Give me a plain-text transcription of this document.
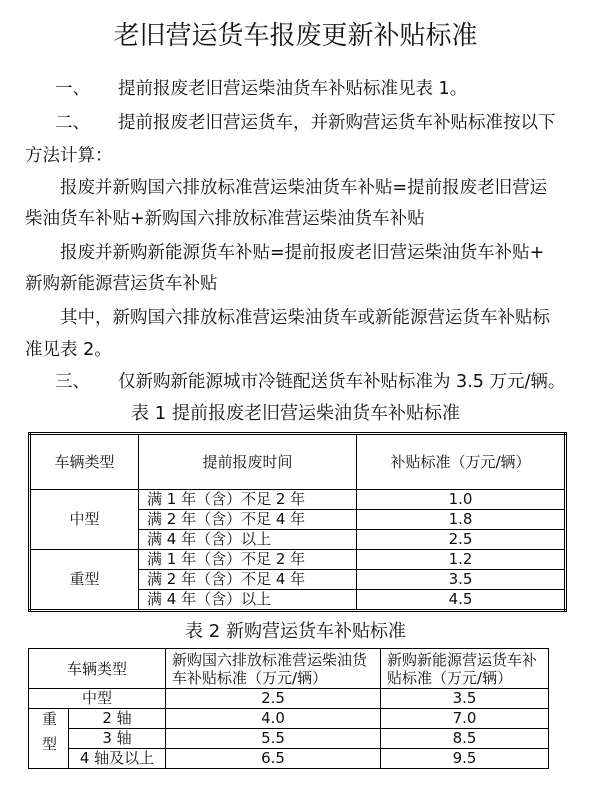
老旧营运货车报废更新补贴标准
一、 提前报废老旧营运柴油货车补贴标准见表 1。
二、 提前报废老旧营运货车，并新购营运货车补贴标准按以下
方法计算：
报废并新购国六排放标准营运柴油货车补贴=提前报废老旧营运
柴油货车补贴+新购国六排放标准营运柴油货车补贴
报废并新购新能源货车补贴=提前报废老旧营运柴油货车补贴+
新购新能源营运货车补贴
其中，新购国六排放标准营运柴油货车或新能源营运货车补贴标
准见表 2。
三、 仅新购新能源城市冷链配送货车补贴标准为 3.5 万元/辆。
表 1 提前报废老旧营运柴油货车补贴标准
车辆类型	提前报废时间	补贴标准（万元/辆）
中型	满 1 年（含）不足 2 年	1.0
	满 2 年（含）不足 4 年	1.8
	满 4 年（含）以上	2.5
重型	满 1 年（含）不足 2 年	1.2
	满 2 年（含）不足 4 年	3.5
	满 4 年（含）以上	4.5
表 2 新购营运货车补贴标准
车辆类型		新购国六排放标准营运柴油货车补贴标准（万元/辆）	新购新能源营运货车补贴标准（万元/辆）
中型		2.5	3.5
重型	2 轴	4.0	7.0
	3 轴	5.5	8.5
	4 轴及以上	6.5	9.5
